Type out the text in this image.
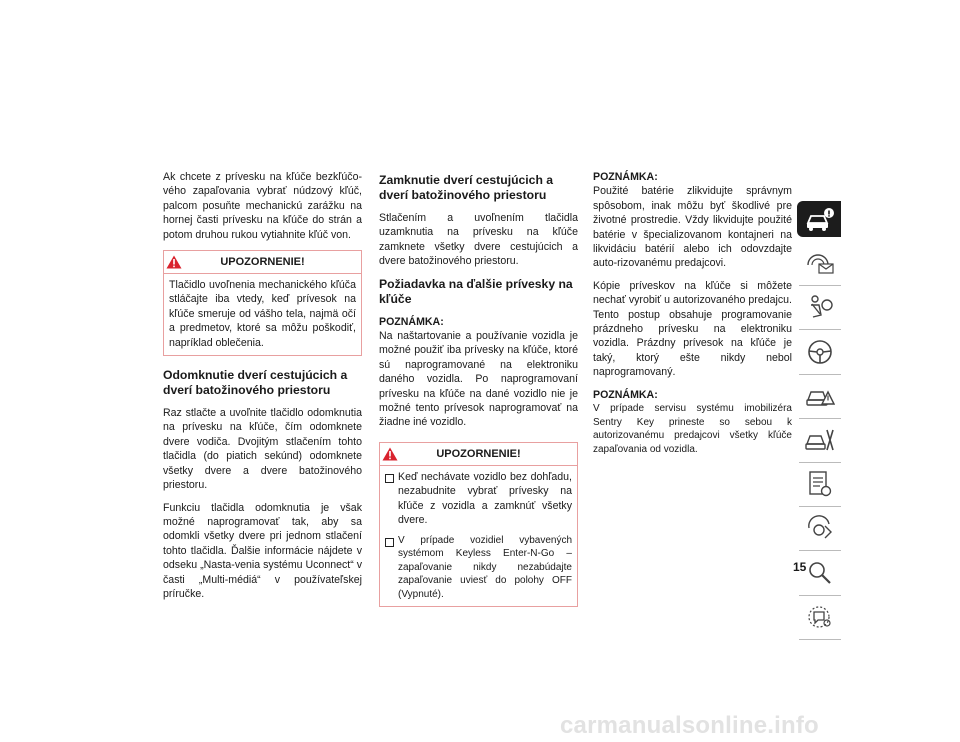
Ak chcete z prívesku na kľúče bezkľúčo-vého zapaľovania vybrať núdzový kľúč, palcom posuňte mechanickú zarážku na hornej časti prívesku na kľúče do strán a potom druhou rukou vytiahnite kľúč von.

UPOZORNENIE!

Tlačidlo uvoľnenia mechanického kľúča stláčajte iba vtedy, keď prívesok na kľúče smeruje od vášho tela, najmä očí a predmetov, ktoré sa môžu poškodiť, napríklad oblečenia.

Odomknutie dverí cestujúcich a dverí batožinového priestoru

Raz stlačte a uvoľnite tlačidlo odomknutia na prívesku na kľúče, čím odomknete dvere vodiča. Dvojitým stlačením tohto tlačidla (do piatich sekúnd) odomknete všetky dvere a dvere batožinového priestoru.

Funkciu tlačidla odomknutia je však možné naprogramovať tak, aby sa odomkli všetky dvere pri jednom stlačení tohto tlačidla. Ďalšie informácie nájdete v odseku „Nasta-venia systému Uconnect“ v časti „Multi-médiá“ v používateľskej príručke.

Zamknutie dverí cestujúcich a dverí batožinového priestoru

Stlačením a uvoľnením tlačidla uzamknutia na prívesku na kľúče zamknete všetky dvere cestujúcich a dvere batožinového priestoru.

Požiadavka na ďalšie prívesky na kľúče

POZNÁMKA:

Na naštartovanie a používanie vozidla je možné použiť iba prívesky na kľúče, ktoré sú naprogramované na elektroniku daného vozidla. Po naprogramovaní prívesku na kľúče na dané vozidlo nie je možné tento prívesok naprogramovať na žiadne iné vozidlo.

UPOZORNENIE!
Keď nechávate vozidlo bez dohľadu, nezabudnite vybrať prívesky na kľúče z vozidla a zamknúť všetky dvere.
V prípade vozidiel vybavených systémom Keyless Enter-N-Go – zapaľovanie nikdy nezabúdajte zapaľovanie uviesť do polohy OFF (Vypnuté).

POZNÁMKA:

Použité batérie zlikvidujte správnym spôsobom, inak môžu byť škodlivé pre životné prostredie. Vždy likvidujte použité batérie v špecializovanom kontajneri na likvidáciu batérií alebo ich odovzdajte auto-rizovanému predajcovi.

Kópie príveskov na kľúče si môžete nechať vyrobiť u autorizovaného predajcu. Tento postup obsahuje programovanie prázdneho prívesku na elektroniku vozidla. Prázdny prívesok na kľúče je taký, ktorý ešte nikdy nebol naprogramovaný.

POZNÁMKA:

V prípade servisu systému imobilizéra Sentry Key prineste so sebou k autorizovanému predajcovi všetky kľúče zapaľovania od vozidla.

15
carmanualsonline.info
